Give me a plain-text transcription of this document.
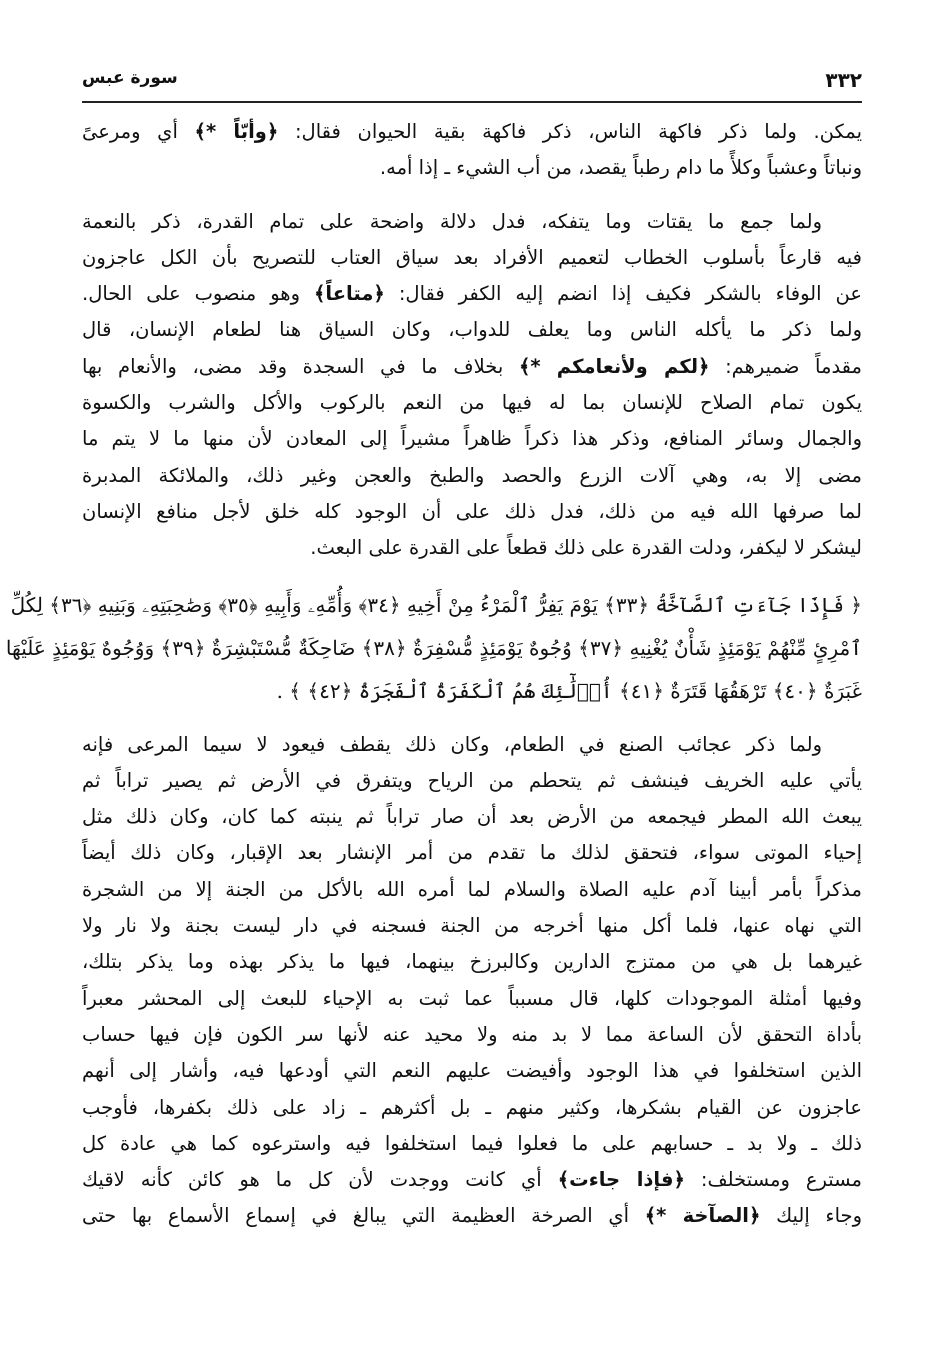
٣٣٢
سورة عبس
يمكن. ولما ذكر فاكهة الناس، ذكر فاكهة بقية الحيوان فقال: ﴿وأبّاً *﴾ أي ومرعىً
ونباتاً وعشباً وكلأً ما دام رطباً يقصد، من أب الشيء ـ إذا أمه.
ولما جمع ما يقتات وما يتفكه، فدل دلالة واضحة على تمام القدرة، ذكر بالنعمة
فيه قارعاً بأسلوب الخطاب لتعميم الأفراد بعد سياق العتاب للتصريح بأن الكل عاجزون
عن الوفاء بالشكر فكيف إذا انضم إليه الكفر فقال: ﴿متاعاً﴾ وهو منصوب على الحال.
ولما ذكر ما يأكله الناس وما يعلف للدواب، وكان السياق هنا لطعام الإنسان، قال
مقدماً ضميرهم: ﴿لكم ولأنعامكم *﴾ بخلاف ما في السجدة وقد مضى، والأنعام بها
يكون تمام الصلاح للإنسان بما له فيها من النعم بالركوب والأكل والشرب والكسوة
والجمال وسائر المنافع، وذكر هذا ذكراً ظاهراً مشيراً إلى المعادن لأن منها ما لا يتم ما
مضى إلا به، وهي آلات الزرع والحصد والطبخ والعجن وغير ذلك، والملائكة المدبرة
لما صرفها الله فيه من ذلك، فدل ذلك على أن الوجود كله خلق لأجل منافع الإنسان
ليشكر لا ليكفر، ودلت القدرة على ذلك قطعاً على القدرة على البعث.
﴿ فَإِذَا جَآءَتِ ٱلصَّآخَّةُ ﴿٣٣﴾ يَوْمَ يَفِرُّ ٱلْمَرْءُ مِنْ أَخِيهِ ﴿٣٤﴾ وَأُمِّهِۦ وَأَبِيهِ ﴿٣٥﴾ وَصَٰحِبَتِهِۦ وَبَنِيهِ ﴿٣٦﴾ لِكُلِّ
ٱمْرِئٍ مِّنْهُمْ يَوْمَئِذٍ شَأْنٌ يُغْنِيهِ ﴿٣٧﴾ وُجُوهٌ يَوْمَئِذٍ مُّسْفِرَةٌ ﴿٣٨﴾ ضَاحِكَةٌ مُّسْتَبْشِرَةٌ ﴿٣٩﴾ وَوُجُوهٌ يَوْمَئِذٍ عَلَيْهَا
غَبَرَةٌ ﴿٤٠﴾ تَرْهَقُهَا قَتَرَةٌ ﴿٤١﴾ أُو۟لَٰٓئِكَ هُمُ ٱلْكَفَرَةُ ٱلْفَجَرَةُ ﴿٤٢﴾ ﴾ .
ولما ذكر عجائب الصنع في الطعام، وكان ذلك يقطف فيعود لا سيما المرعى فإنه
يأتي عليه الخريف فينشف ثم يتحطم من الرياح ويتفرق في الأرض ثم يصير تراباً ثم
يبعث الله المطر فيجمعه من الأرض بعد أن صار تراباً ثم ينبته كما كان، وكان ذلك مثل
إحياء الموتى سواء، فتحقق لذلك ما تقدم من أمر الإنشار بعد الإقبار، وكان ذلك أيضاً
مذكراً بأمر أبينا آدم عليه الصلاة والسلام لما أمره الله بالأكل من الجنة إلا من الشجرة
التي نهاه عنها، فلما أكل منها أخرجه من الجنة فسجنه في دار ليست بجنة ولا نار ولا
غيرهما بل هي من ممتزج الدارين وكالبرزخ بينهما، فيها ما يذكر بهذه وما يذكر بتلك،
وفيها أمثلة الموجودات كلها، قال مسبباً عما ثبت به الإحياء للبعث إلى المحشر معبراً
بأداة التحقق لأن الساعة مما لا بد منه ولا محيد عنه لأنها سر الكون فإن فيها حساب
الذين استخلفوا في هذا الوجود وأفيضت عليهم النعم التي أودعها فيه، وأشار إلى أنهم
عاجزون عن القيام بشكرها، وكثير منهم ـ بل أكثرهم ـ زاد على ذلك بكفرها، فأوجب
ذلك ـ ولا بد ـ حسابهم على ما فعلوا فيما استخلفوا فيه واسترعوه كما هي عادة كل
مسترع ومستخلف: ﴿فإذا جاءت﴾ أي كانت ووجدت لأن كل ما هو كائن كأنه لاقيك
وجاء إليك ﴿الصآخة *﴾ أي الصرخة العظيمة التي يبالغ في إسماع الأسماع بها حتى
